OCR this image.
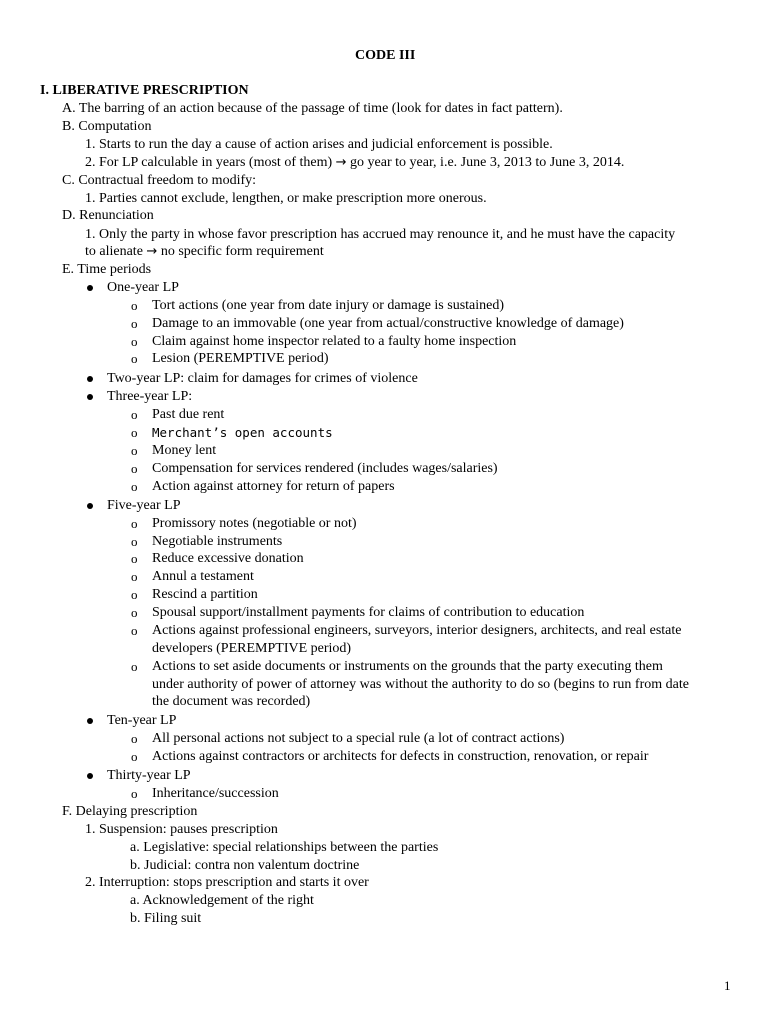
CODE III
I. LIBERATIVE PRESCRIPTION
A. The barring of an action because of the passage of time (look for dates in fact pattern).
B. Computation
1. Starts to run the day a cause of action arises and judicial enforcement is possible.
2. For LP calculable in years (most of them) → go year to year, i.e. June 3, 2013 to June 3, 2014.
C. Contractual freedom to modify:
1. Parties cannot exclude, lengthen, or make prescription more onerous.
D. Renunciation
1. Only the party in whose favor prescription has accrued may renounce it, and he must have the capacity
to alienate → no specific form requirement
E. Time periods
One-year LP
o Tort actions (one year from date injury or damage is sustained)
o Damage to an immovable (one year from actual/constructive knowledge of damage)
o Claim against home inspector related to a faulty home inspection
o Lesion (PEREMPTIVE period)
Two-year LP: claim for damages for crimes of violence
Three-year LP:
o Past due rent
o Merchant’s open accounts
o Money lent
o Compensation for services rendered (includes wages/salaries)
o Action against attorney for return of papers
Five-year LP
o Promissory notes (negotiable or not)
o Negotiable instruments
o Reduce excessive donation
o Annul a testament
o Rescind a partition
o Spousal support/installment payments for claims of contribution to education
o Actions against professional engineers, surveyors, interior designers, architects, and real estate
developers (PEREMPTIVE period)
o Actions to set aside documents or instruments on the grounds that the party executing them
under authority of power of attorney was without the authority to do so (begins to run from date
the document was recorded)
Ten-year LP
o All personal actions not subject to a special rule (a lot of contract actions)
o Actions against contractors or architects for defects in construction, renovation, or repair
Thirty-year LP
o Inheritance/succession
F. Delaying prescription
1. Suspension: pauses prescription
a. Legislative: special relationships between the parties
b. Judicial: contra non valentum doctrine
2. Interruption: stops prescription and starts it over
a. Acknowledgement of the right
b. Filing suit
1
